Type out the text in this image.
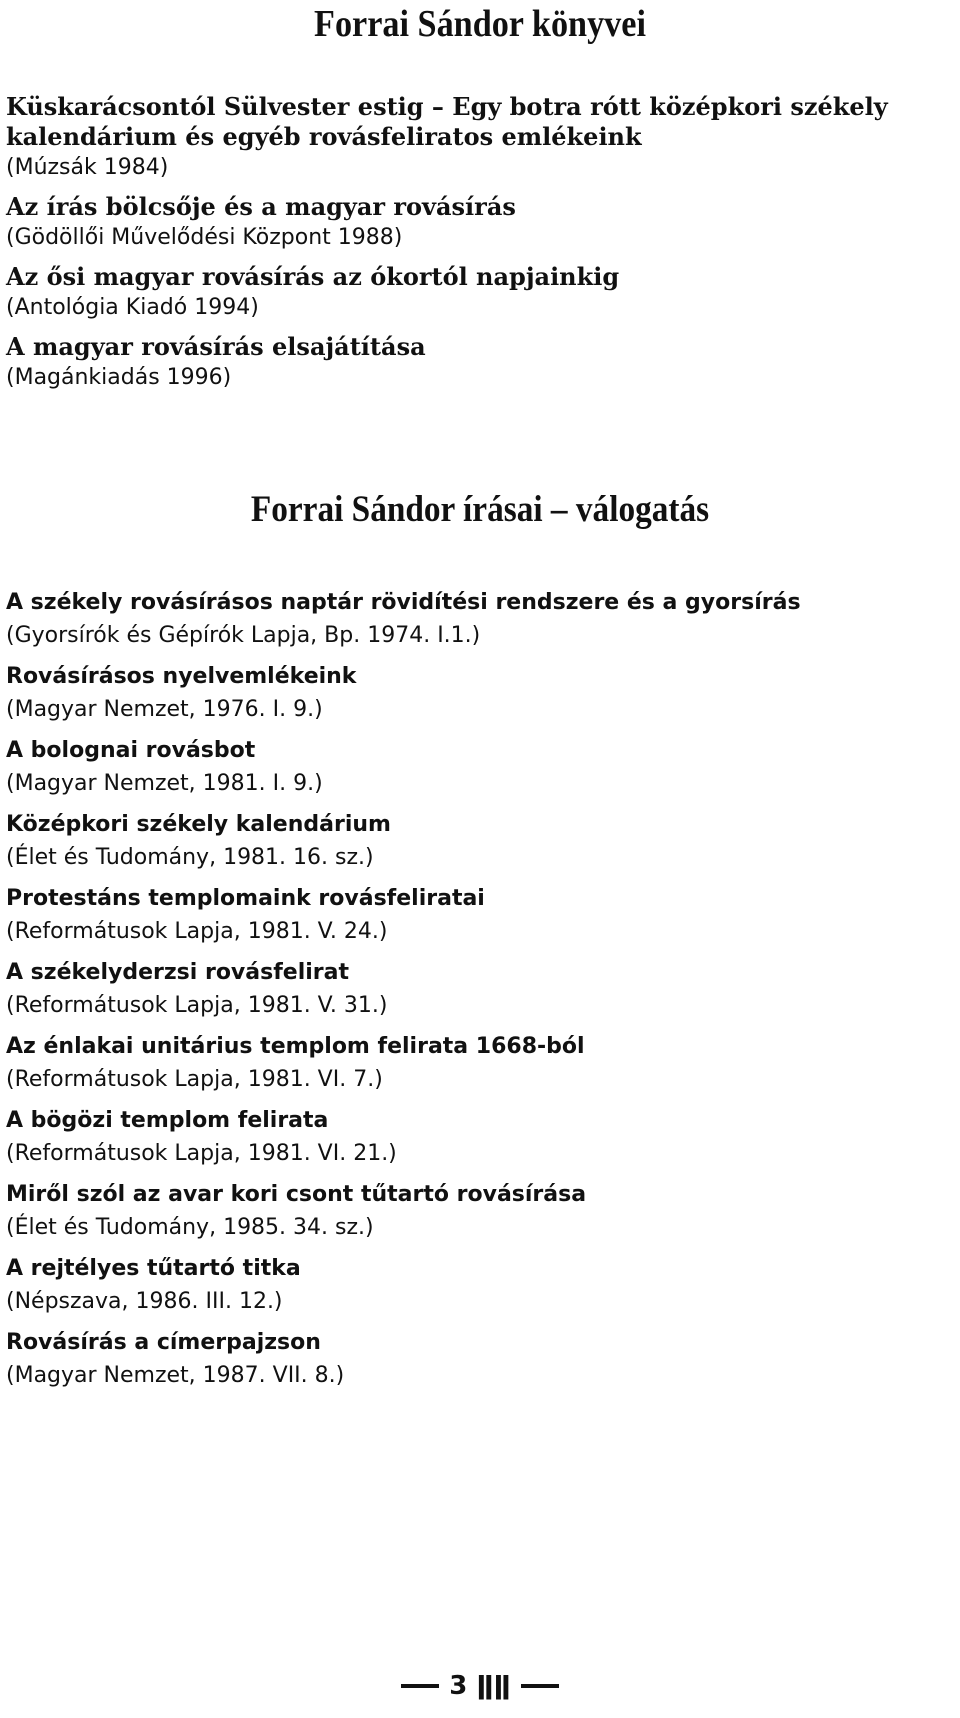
Forrai Sándor könyvei
Küskarácsontól Sülvester estig – Egy botra rótt középkori székely
kalendárium és egyéb rovásfeliratos emlékeink
(Múzsák 1984)
Az írás bölcsője és a magyar rovásírás
(Gödöllői Művelődési Központ 1988)
Az ősi magyar rovásírás az ókortól napjainkig
(Antológia Kiadó 1994)
A magyar rovásírás elsajátítása
(Magánkiadás 1996)
Forrai Sándor írásai – válogatás
A székely rovásírásos naptár rövidítési rendszere és a gyorsírás
(Gyorsírók és Gépírók Lapja, Bp. 1974. I.1.)
Rovásírásos nyelvemlékeink
(Magyar Nemzet, 1976. I. 9.)
A bolognai rovásbot
(Magyar Nemzet, 1981. I. 9.)
Középkori székely kalendárium
(Élet és Tudomány, 1981. 16. sz.)
Protestáns templomaink rovásfeliratai
(Reformátusok Lapja, 1981. V. 24.)
A székelyderzsi rovásfelirat
(Reformátusok Lapja, 1981. V. 31.)
Az énlakai unitárius templom felirata 1668-ból
(Reformátusok Lapja, 1981. VI. 7.)
A bögözi templom felirata
(Reformátusok Lapja, 1981. VI. 21.)
Miről szól az avar kori csont tűtartó rovásírása
(Élet és Tudomány, 1985. 34. sz.)
A rejtélyes tűtartó titka
(Népszava, 1986. III. 12.)
Rovásírás a címerpajzson
(Magyar Nemzet, 1987. VII. 8.)
3 ǁǁ
